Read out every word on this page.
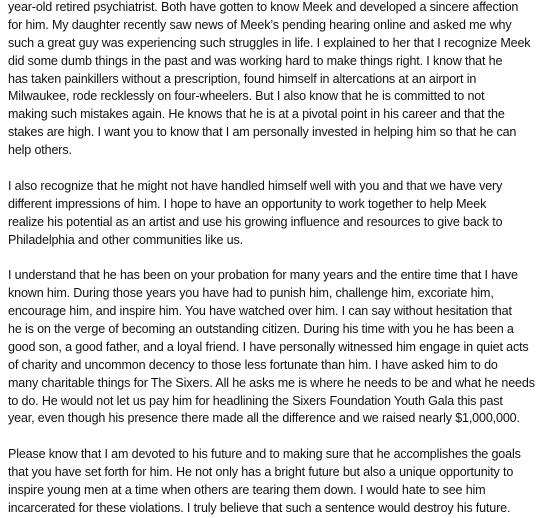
year-old retired psychiatrist. Both have gotten to know Meek and developed a sincere affection
for him. My daughter recently saw news of Meek’s pending hearing online and asked me why
such a great guy was experiencing such struggles in life. I explained to her that I recognize Meek
did some dumb things in the past and was working hard to make things right. I know that he
has taken painkillers without a prescription, found himself in altercations at an airport in
Milwaukee, rode recklessly on four-wheelers. But I also know that he is committed to not
making such mistakes again. He knows that he is at a pivotal point in his career and that the
stakes are high. I want you to know that I am personally invested in helping him so that he can
help others.
I also recognize that he might not have handled himself well with you and that we have very
different impressions of him. I hope to have an opportunity to work together to help Meek
realize his potential as an artist and use his growing influence and resources to give back to
Philadelphia and other communities like us.
I understand that he has been on your probation for many years and the entire time that I have
known him. During those years you have had to punish him, challenge him, excoriate him,
encourage him, and inspire him. You have watched over him. I can say without hesitation that
he is on the verge of becoming an outstanding citizen. During his time with you he has been a
good son, a good father, and a loyal friend. I have personally witnessed him engage in quiet acts
of charity and uncommon decency to those less fortunate than him. I have asked him to do
many charitable things for The Sixers. All he asks me is where he needs to be and what he needs
to do. He would not let us pay him for headlining the Sixers Foundation Youth Gala this past
year, even though his presence there made all the difference and we raised nearly $1,000,000.
Please know that I am devoted to his future and to making sure that he accomplishes the goals
that you have set forth for him. He not only has a bright future but also a unique opportunity to
inspire young men at a time when others are tearing them down. I would hate to see him
incarcerated for these violations. I truly believe that such a sentence would destroy his future.
